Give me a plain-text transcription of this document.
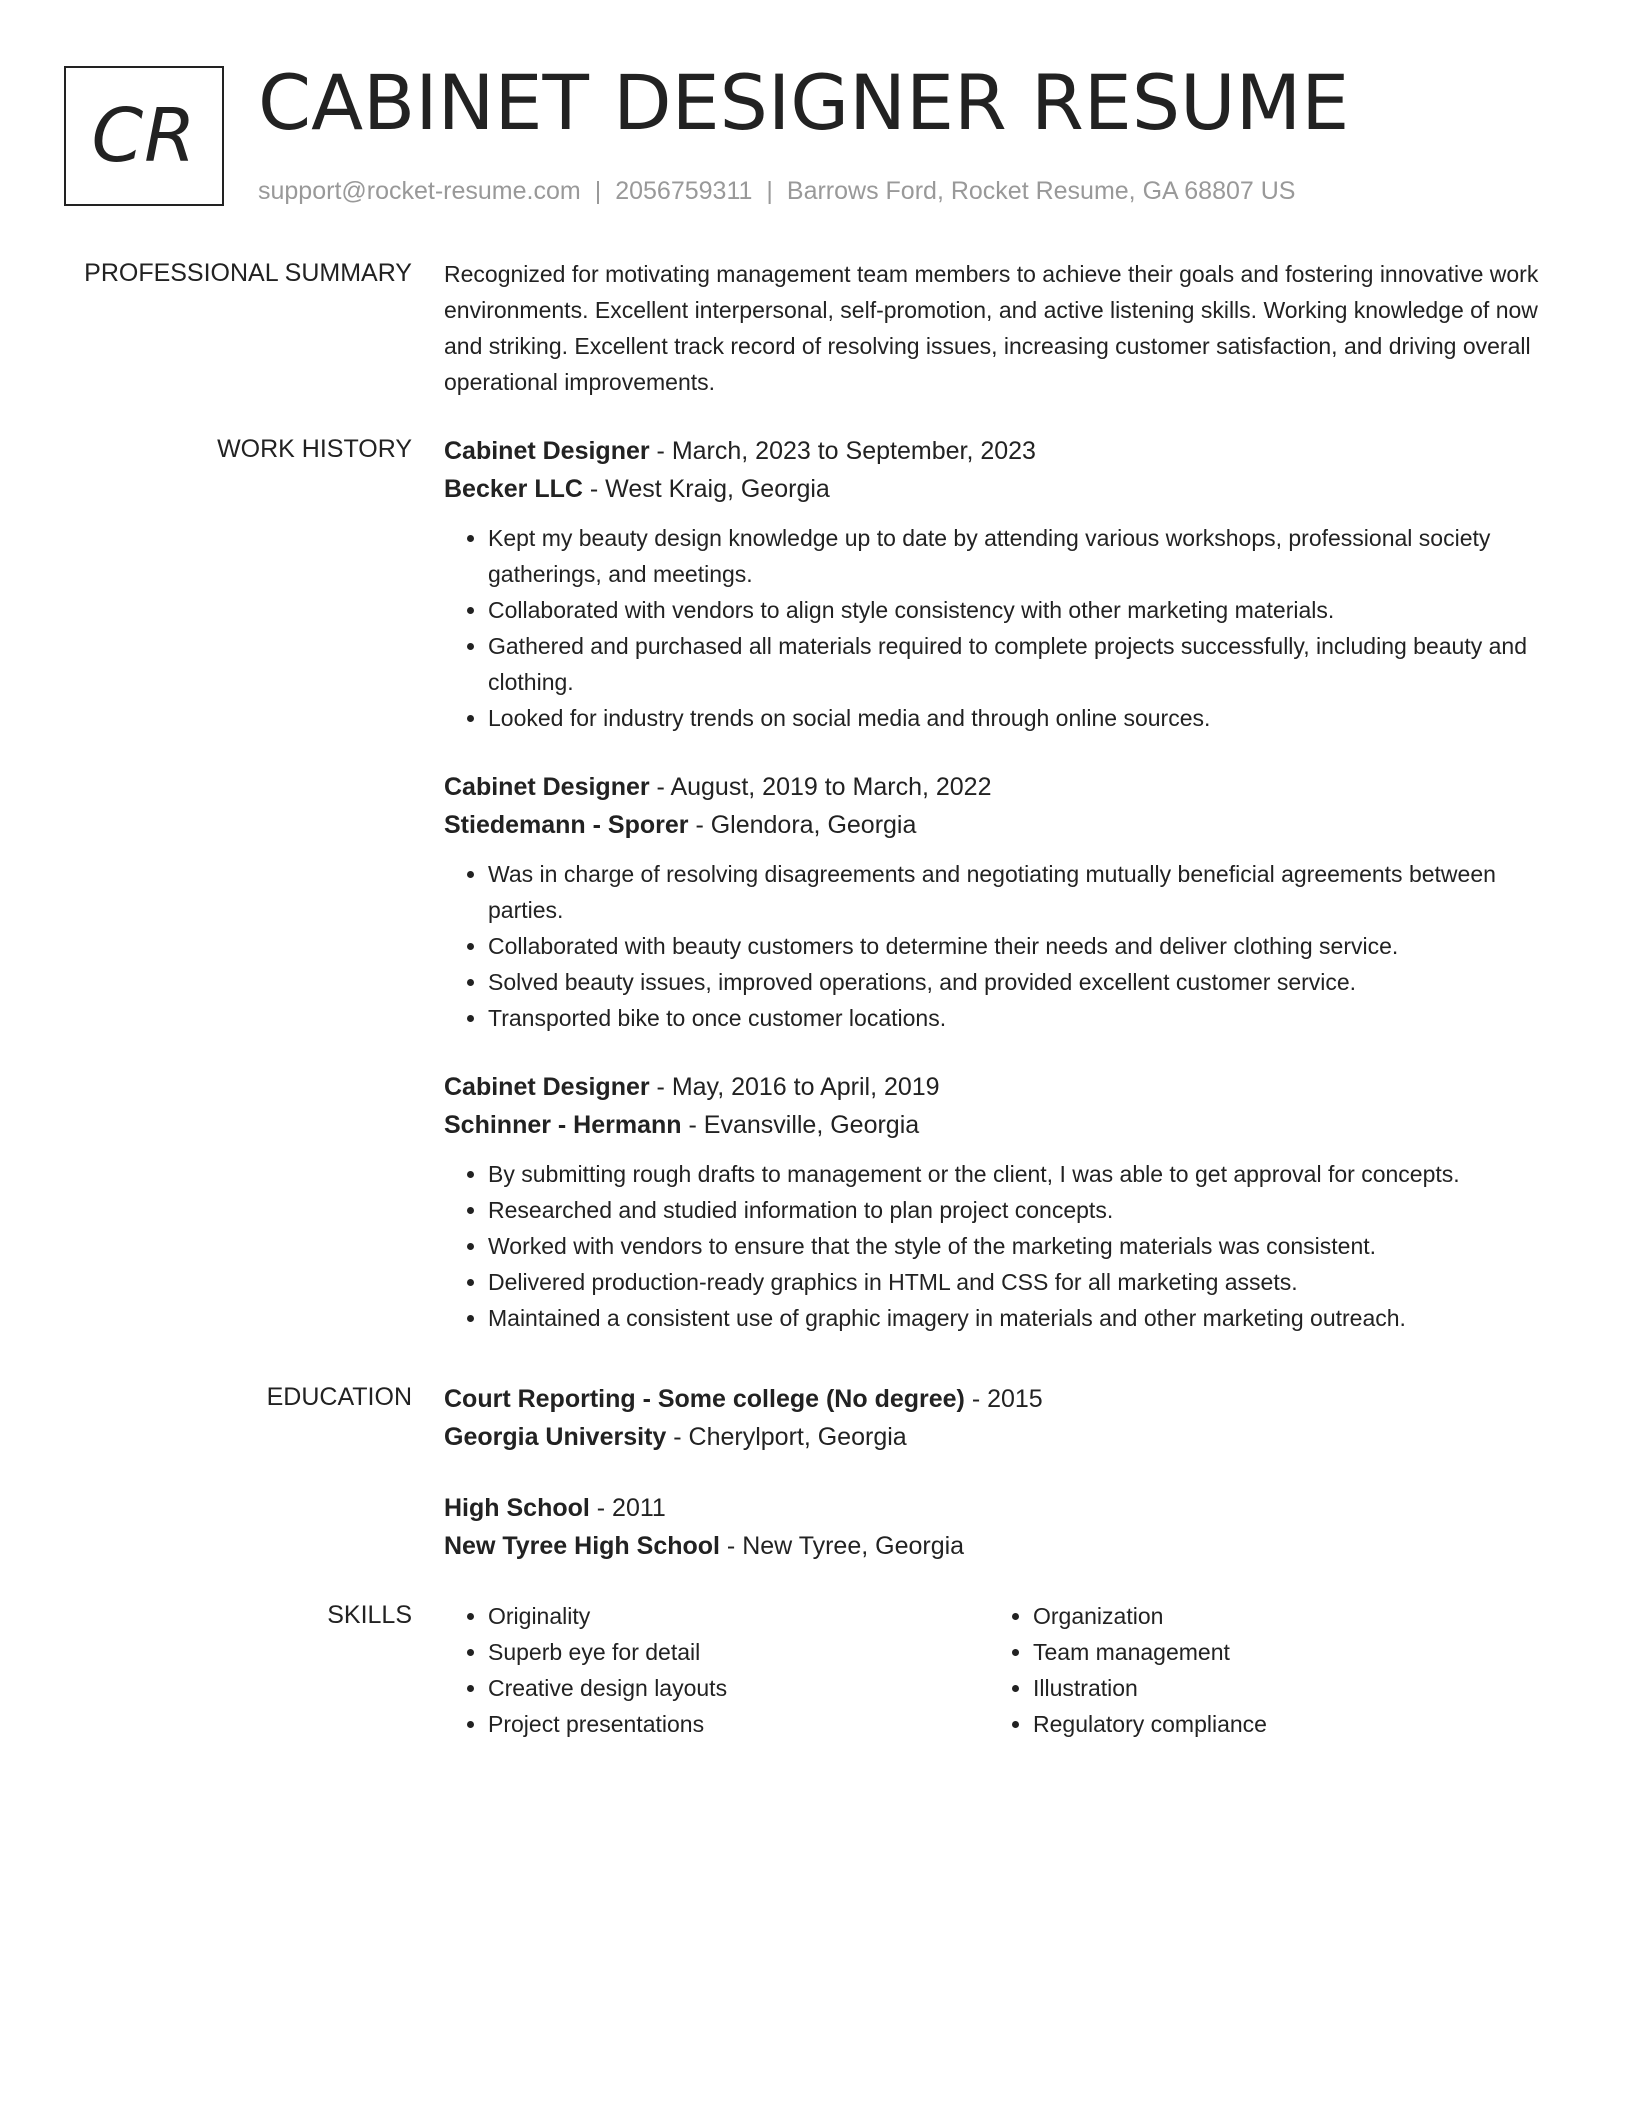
CR CABINET DESIGNER RESUME
support@rocket-resume.com | 2056759311 | Barrows Ford, Rocket Resume, GA 68807 US
PROFESSIONAL SUMMARY Recognized for motivating management team members to achieve their goals and fostering innovative work environments. Excellent interpersonal, self-promotion, and active listening skills. Working knowledge of now and striking. Excellent track record of resolving issues, increasing customer satisfaction, and driving overall operational improvements.

WORK HISTORY Cabinet Designer - March, 2023 to September, 2023
Becker LLC - West Kraig, Georgia
• Kept my beauty design knowledge up to date by attending various workshops, professional society gatherings, and meetings.
• Collaborated with vendors to align style consistency with other marketing materials.
• Gathered and purchased all materials required to complete projects successfully, including beauty and clothing.
• Looked for industry trends on social media and through online sources.
Cabinet Designer - August, 2019 to March, 2022
Stiedemann - Sporer - Glendora, Georgia
• Was in charge of resolving disagreements and negotiating mutually beneficial agreements between parties.
• Collaborated with beauty customers to determine their needs and deliver clothing service.
• Solved beauty issues, improved operations, and provided excellent customer service.
• Transported bike to once customer locations.
Cabinet Designer - May, 2016 to April, 2019
Schinner - Hermann - Evansville, Georgia
• By submitting rough drafts to management or the client, I was able to get approval for concepts.
• Researched and studied information to plan project concepts.
• Worked with vendors to ensure that the style of the marketing materials was consistent.
• Delivered production-ready graphics in HTML and CSS for all marketing assets.
• Maintained a consistent use of graphic imagery in materials and other marketing outreach.
EDUCATION Court Reporting - Some college (No degree) - 2015
Georgia University - Cherylport, Georgia
High School - 2011
New Tyree High School - New Tyree, Georgia
SKILLS
•	Originality
• Superb eye for detail
• Creative design layouts
• Project presentations
• Organization
• Team management
• Illustration
• Regulatory compliance
